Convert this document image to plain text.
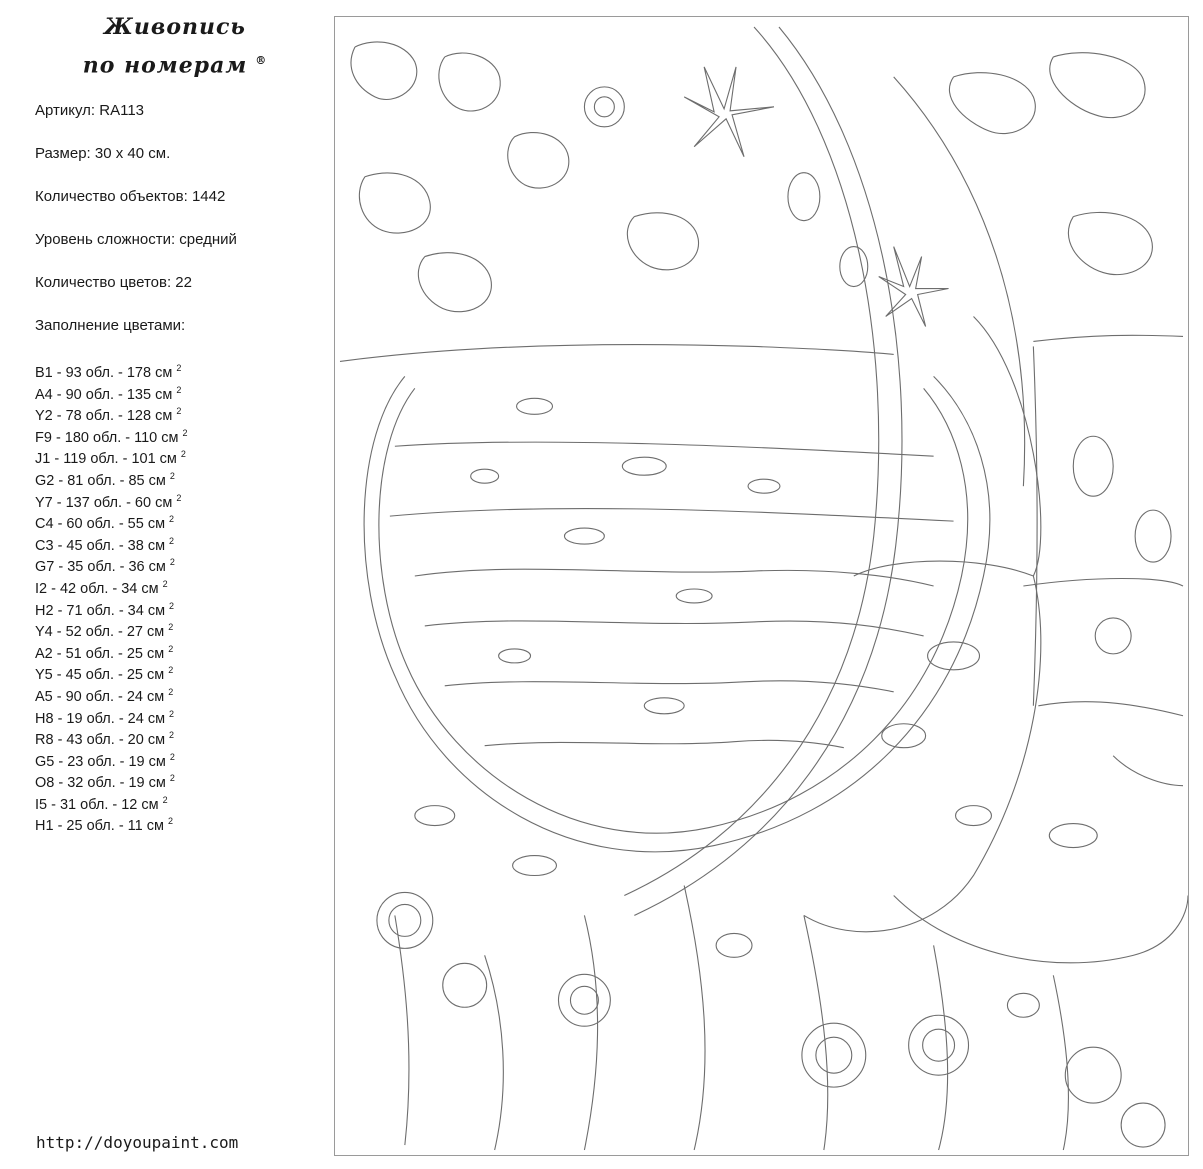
Живопись
по номерам ®
Артикул: RA113
Размер: 30 х 40 см.
Количество объектов: 1442
Уровень сложности: средний
Количество цветов: 22
Заполнение цветами:
B1 - 93 обл. - 178 см $^2$
A4 - 90 обл. - 135 см $^2$
Y2 - 78 обл. - 128 см $^2$
F9 - 180 обл. - 110 см $^2$
J1 - 119 обл. - 101 см $^2$
G2 - 81 обл. - 85 см $^2$
Y7 - 137 обл. - 60 см $^2$
C4 - 60 обл. - 55 см $^2$
C3 - 45 обл. - 38 см $^2$
G7 - 35 обл. - 36 см $^2$
I2 - 42 обл. - 34 см $^2$
H2 - 71 обл. - 34 см $^2$
Y4 - 52 обл. - 27 см $^2$
A2 - 51 обл. - 25 см $^2$
Y5 - 45 обл. - 25 см $^2$
A5 - 90 обл. - 24 см $^2$
H8 - 19 обл. - 24 см $^2$
R8 - 43 обл. - 20 см $^2$
G5 - 23 обл. - 19 см $^2$
O8 - 32 обл. - 19 см $^2$
I5 - 31 обл. - 12 см $^2$
H1 - 25 обл. - 11 см $^2$
http://doyoupaint.com
